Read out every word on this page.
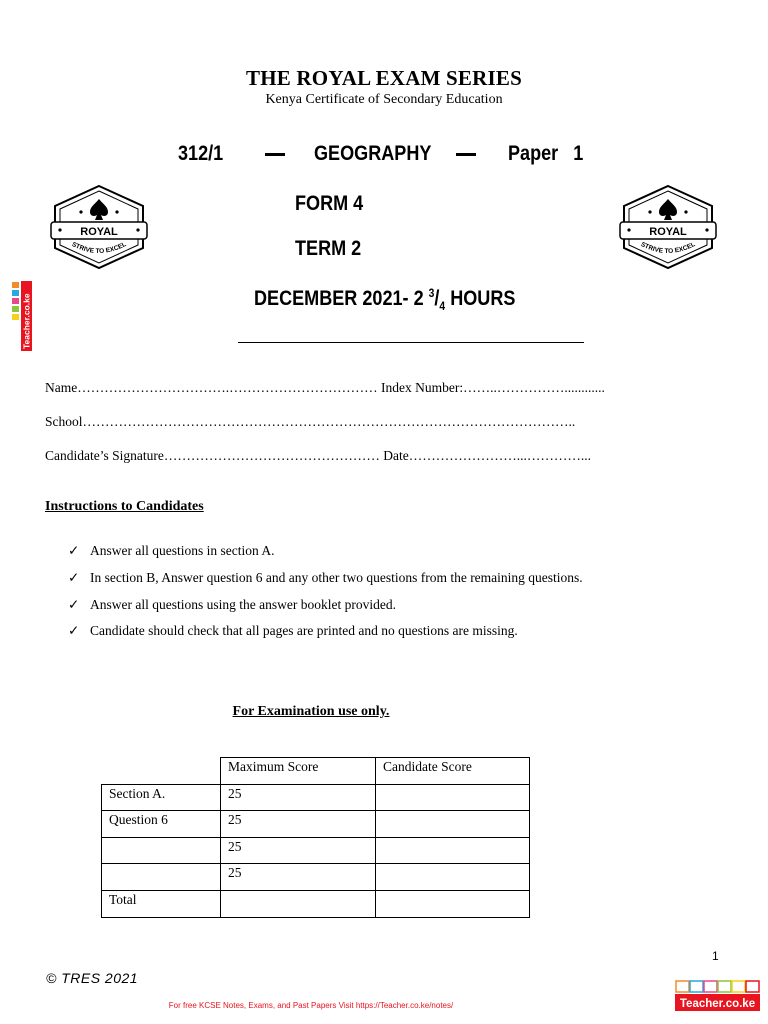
THE ROYAL EXAM SERIES
Kenya Certificate of Secondary Education
312/1	GEOGRAPHY	Paper   1
FORM 4
TERM 2
DECEMBER 2021- 2 $^3/_4$ HOURS
ROYAL
STRIVE TO EXCEL
ROYAL
STRIVE TO EXCEL
Teacher.co.ke
Name…………………………….…………………………… Index Number:……..……………............
School………………………………………………………………………………………………..
Candidate’s Signature………………………………………… Date……………………...…………...
Instructions to Candidates
✓ Answer all questions in section A.
✓ In section B, Answer question 6 and any other two questions from the remaining questions.
✓ Answer all questions using the answer booklet provided.
✓ Candidate should check that all pages are printed and no questions are missing.
For Examination use only.
	Maximum Score	Candidate Score
Section A.	25	
Question 6	25	
	25	
	25	
Total		
1
© TRES 2021
For free KCSE Notes, Exams, and Past Papers Visit https://Teacher.co.ke/notes/	Teacher.co.ke
